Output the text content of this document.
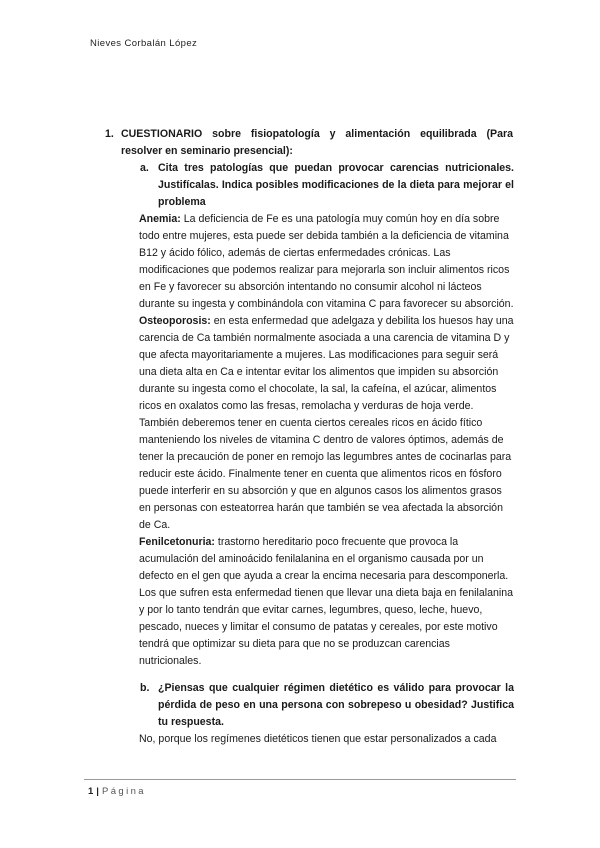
Nieves Corbalán López
1. CUESTIONARIO sobre fisiopatología y alimentación equilibrada (Para resolver en seminario presencial):
a. Cita tres patologías que puedan provocar carencias nutricionales. Justifícalas. Indica posibles modificaciones de la dieta para mejorar el problema

Anemia: La deficiencia de Fe es una patología muy común hoy en día sobre todo entre mujeres, esta puede ser debida también a la deficiencia de vitamina B12 y ácido fólico, además de ciertas enfermedades crónicas. Las modificaciones que podemos realizar para mejorarla son incluir alimentos ricos en Fe y favorecer su absorción intentando no consumir alcohol ni lácteos durante su ingesta y combinándola con vitamina C para favorecer su absorción.

Osteoporosis: en esta enfermedad que adelgaza y debilita los huesos hay una carencia de Ca también normalmente asociada a una carencia de vitamina D y que afecta mayoritariamente a mujeres. Las modificaciones para seguir será una dieta alta en Ca e intentar evitar los alimentos que impiden su absorción durante su ingesta como el chocolate, la sal, la cafeína, el azúcar, alimentos ricos en oxalatos como las fresas, remolacha y verduras de hoja verde. También deberemos tener en cuenta ciertos cereales ricos en ácido fítico manteniendo los niveles de vitamina C dentro de valores óptimos, además de tener la precaución de poner en remojo las legumbres antes de cocinarlas para reducir este ácido. Finalmente tener en cuenta que alimentos ricos en fósforo puede interferir en su absorción y que en algunos casos los alimentos grasos en personas con esteatorrea harán que también se vea afectada la absorción de Ca.

Fenilcetonuria: trastorno hereditario poco frecuente que provoca la acumulación del aminoácido fenilalanina en el organismo causada por un defecto en el gen que ayuda a crear la encima necesaria para descomponerla. Los que sufren esta enfermedad tienen que llevar una dieta baja en fenilalanina y por lo tanto tendrán que evitar carnes, legumbres, queso, leche, huevo, pescado, nueces y limitar el consumo de patatas y cereales, por este motivo tendrá que optimizar su dieta para que no se produzcan carencias nutricionales.

b. ¿Piensas que cualquier régimen dietético es válido para provocar la pérdida de peso en una persona con sobrepeso u obesidad? Justifica tu respuesta.
No, porque los regímenes dietéticos tienen que estar personalizados a cada
1 | Página
